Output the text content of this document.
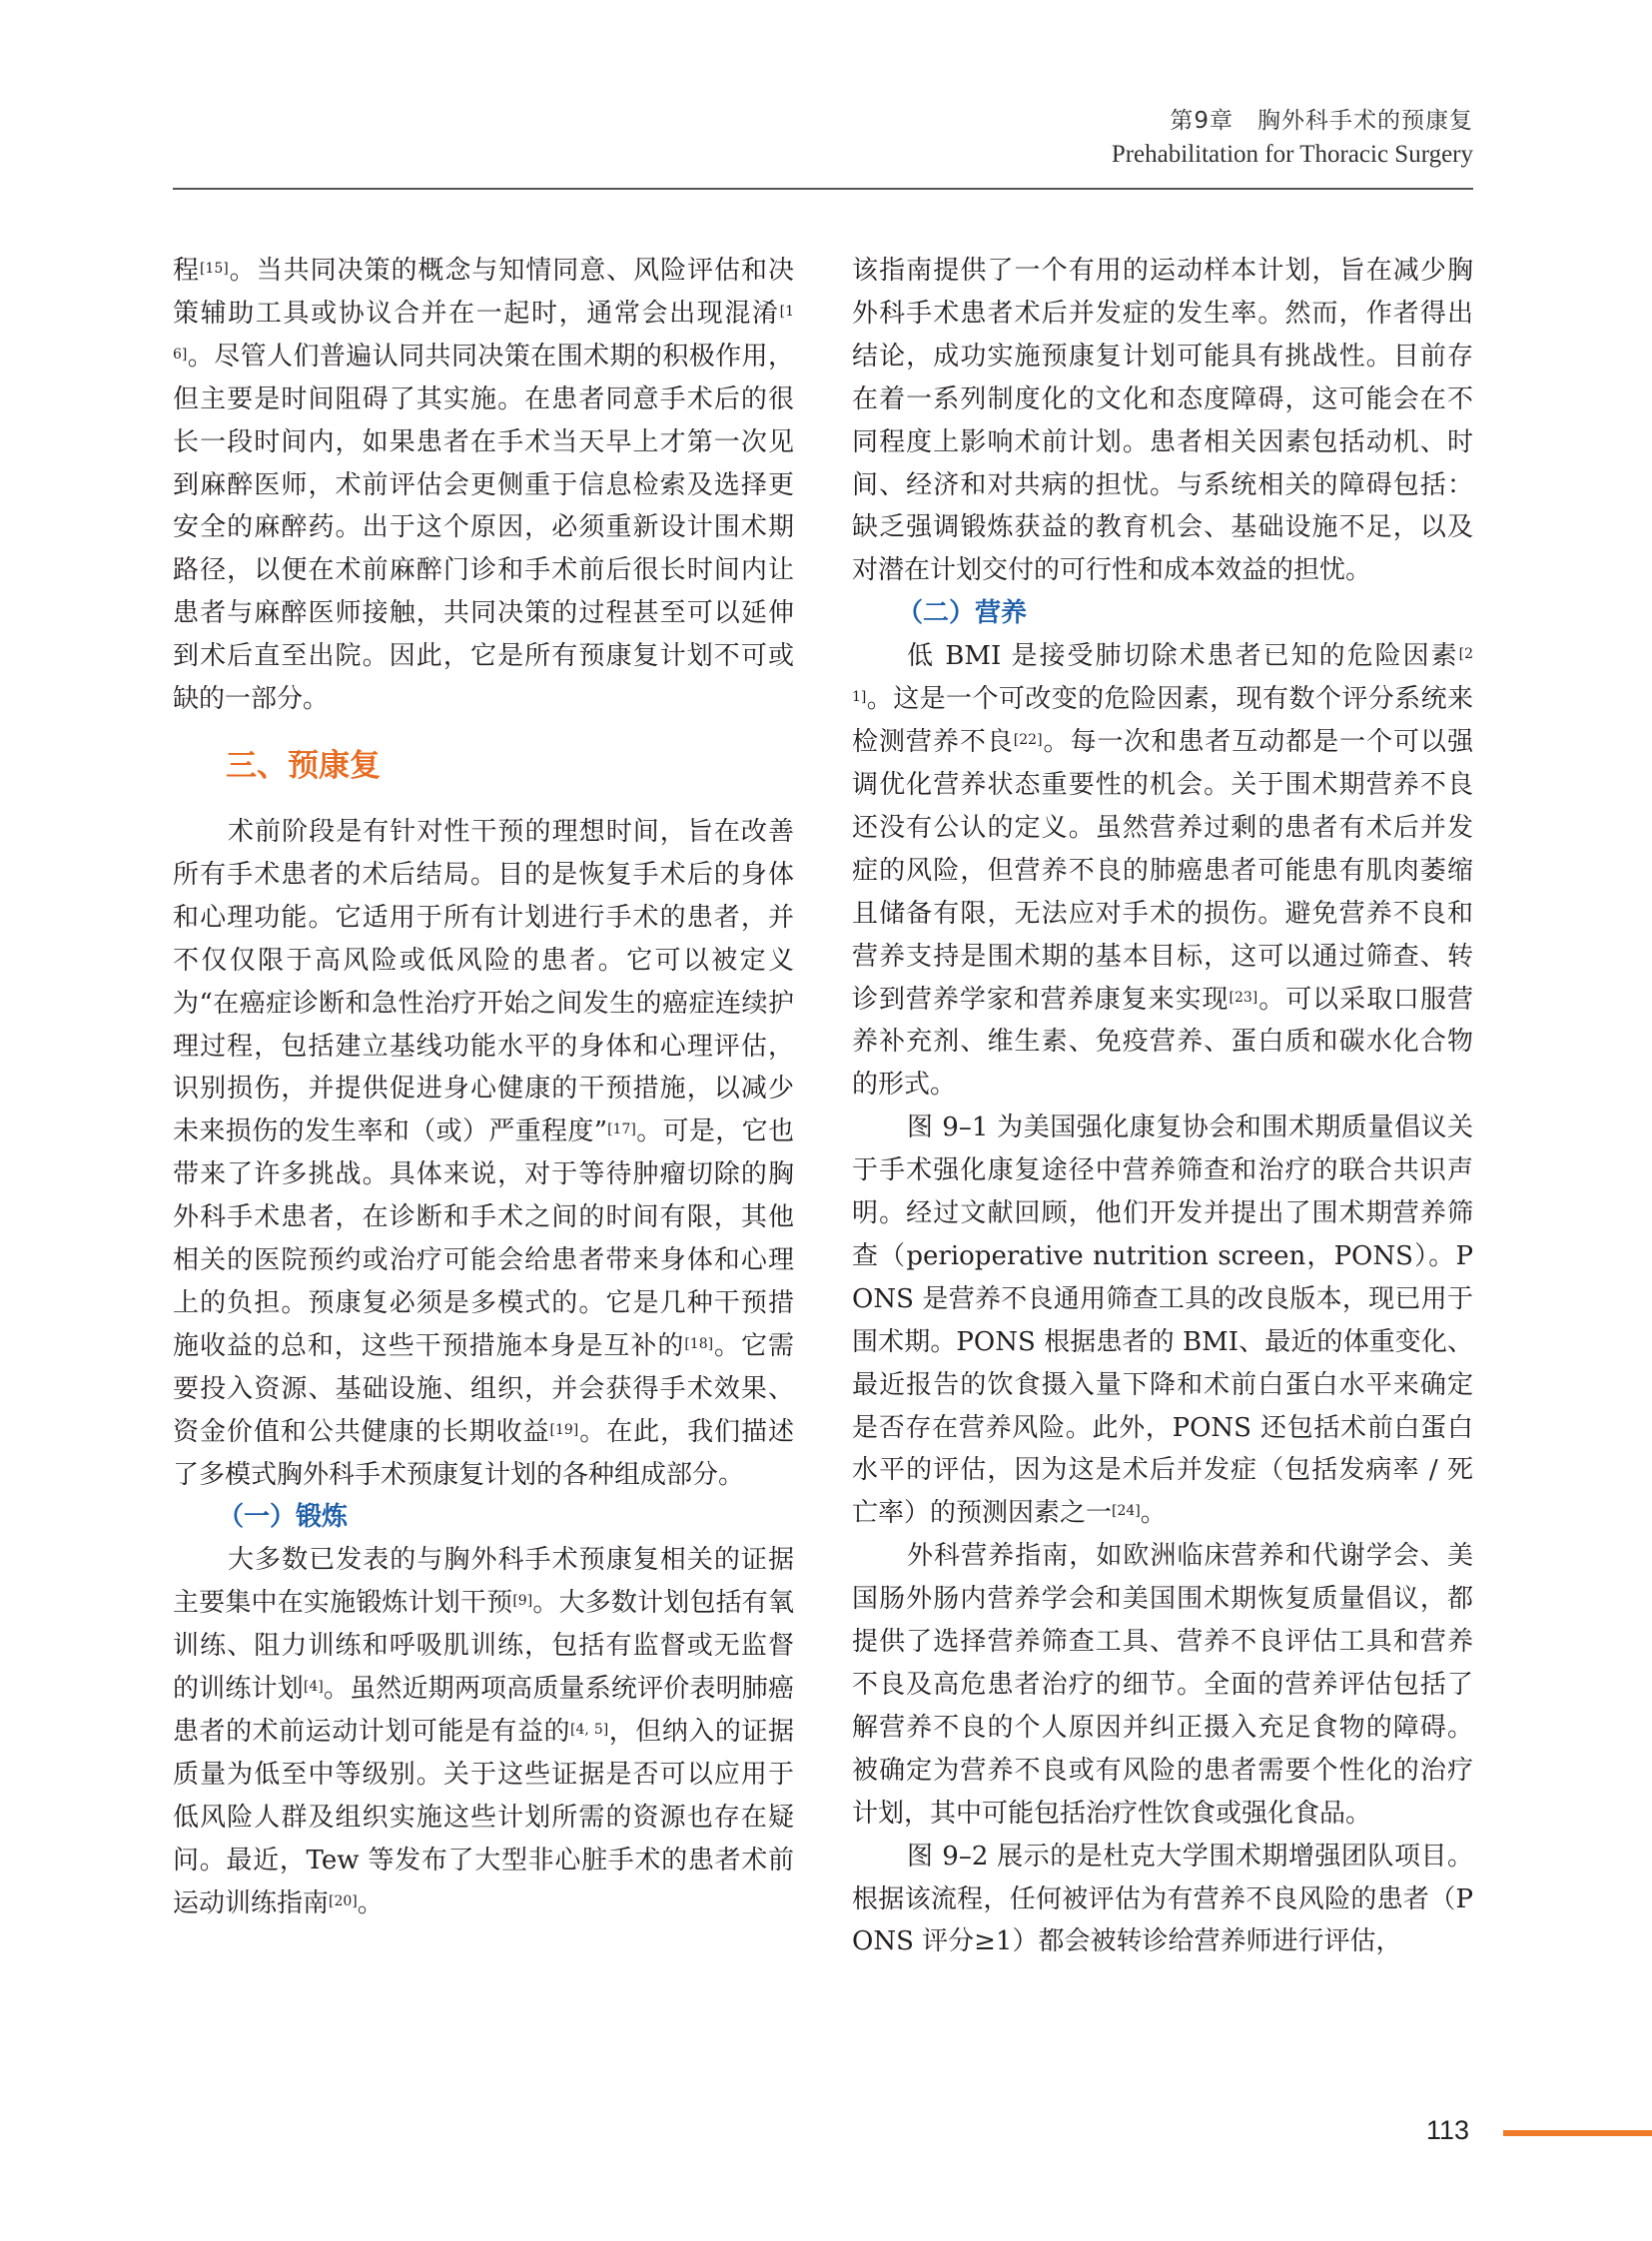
第9章　胸外科手术的预康复
Prehabilitation for Thoracic Surgery

程[15]。当共同决策的概念与知情同意、风险评估和决策辅助工具或协议合并在一起时，通常会出现混淆[16]。尽管人们普遍认同共同决策在围术期的积极作用，但主要是时间阻碍了其实施。在患者同意手术后的很长一段时间内，如果患者在手术当天早上才第一次见到麻醉医师，术前评估会更侧重于信息检索及选择更安全的麻醉药。出于这个原因，必须重新设计围术期路径，以便在术前麻醉门诊和手术前后很长时间内让患者与麻醉医师接触，共同决策的过程甚至可以延伸到术后直至出院。因此，它是所有预康复计划不可或缺的一部分。

三、预康复

术前阶段是有针对性干预的理想时间，旨在改善所有手术患者的术后结局。目的是恢复手术后的身体和心理功能。它适用于所有计划进行手术的患者，并不仅仅限于高风险或低风险的患者。它可以被定义为“在癌症诊断和急性治疗开始之间发生的癌症连续护理过程，包括建立基线功能水平的身体和心理评估，识别损伤，并提供促进身心健康的干预措施，以减少未来损伤的发生率和（或）严重程度”[17]。可是，它也带来了许多挑战。具体来说，对于等待肿瘤切除的胸外科手术患者，在诊断和手术之间的时间有限，其他相关的医院预约或治疗可能会给患者带来身体和心理上的负担。预康复必须是多模式的。它是几种干预措施收益的总和，这些干预措施本身是互补的[18]。它需要投入资源、基础设施、组织，并会获得手术效果、资金价值和公共健康的长期收益[19]。在此，我们描述了多模式胸外科手术预康复计划的各种组成部分。

（一）锻炼

大多数已发表的与胸外科手术预康复相关的证据主要集中在实施锻炼计划干预[9]。大多数计划包括有氧训练、阻力训练和呼吸肌训练，包括有监督或无监督的训练计划[4]。虽然近期两项高质量系统评价表明肺癌患者的术前运动计划可能是有益的[4, 5]，但纳入的证据质量为低至中等级别。关于这些证据是否可以应用于低风险人群及组织实施这些计划所需的资源也存在疑问。最近，Tew 等发布了大型非心脏手术的患者术前运动训练指南[20]。

该指南提供了一个有用的运动样本计划，旨在减少胸外科手术患者术后并发症的发生率。然而，作者得出结论，成功实施预康复计划可能具有挑战性。目前存在着一系列制度化的文化和态度障碍，这可能会在不同程度上影响术前计划。患者相关因素包括动机、时间、经济和对共病的担忧。与系统相关的障碍包括：缺乏强调锻炼获益的教育机会、基础设施不足，以及对潜在计划交付的可行性和成本效益的担忧。

（二）营养

低 BMI 是接受肺切除术患者已知的危险因素[21]。这是一个可改变的危险因素，现有数个评分系统来检测营养不良[22]。每一次和患者互动都是一个可以强调优化营养状态重要性的机会。关于围术期营养不良还没有公认的定义。虽然营养过剩的患者有术后并发症的风险，但营养不良的肺癌患者可能患有肌肉萎缩且储备有限，无法应对手术的损伤。避免营养不良和营养支持是围术期的基本目标，这可以通过筛查、转诊到营养学家和营养康复来实现[23]。可以采取口服营养补充剂、维生素、免疫营养、蛋白质和碳水化合物的形式。

图 9–1 为美国强化康复协会和围术期质量倡议关于手术强化康复途径中营养筛查和治疗的联合共识声明。经过文献回顾，他们开发并提出了围术期营养筛查（perioperative nutrition screen，PONS）。PONS 是营养不良通用筛查工具的改良版本，现已用于围术期。PONS 根据患者的 BMI、最近的体重变化、最近报告的饮食摄入量下降和术前白蛋白水平来确定是否存在营养风险。此外，PONS 还包括术前白蛋白水平的评估，因为这是术后并发症（包括发病率 / 死亡率）的预测因素之一[24]。

外科营养指南，如欧洲临床营养和代谢学会、美国肠外肠内营养学会和美国围术期恢复质量倡议，都提供了选择营养筛查工具、营养不良评估工具和营养不良及高危患者治疗的细节。全面的营养评估包括了解营养不良的个人原因并纠正摄入充足食物的障碍。被确定为营养不良或有风险的患者需要个性化的治疗计划，其中可能包括治疗性饮食或强化食品。

图 9–2 展示的是杜克大学围术期增强团队项目。根据该流程，任何被评估为有营养不良风险的患者（PONS 评分≥1）都会被转诊给营养师进行评估，

113
